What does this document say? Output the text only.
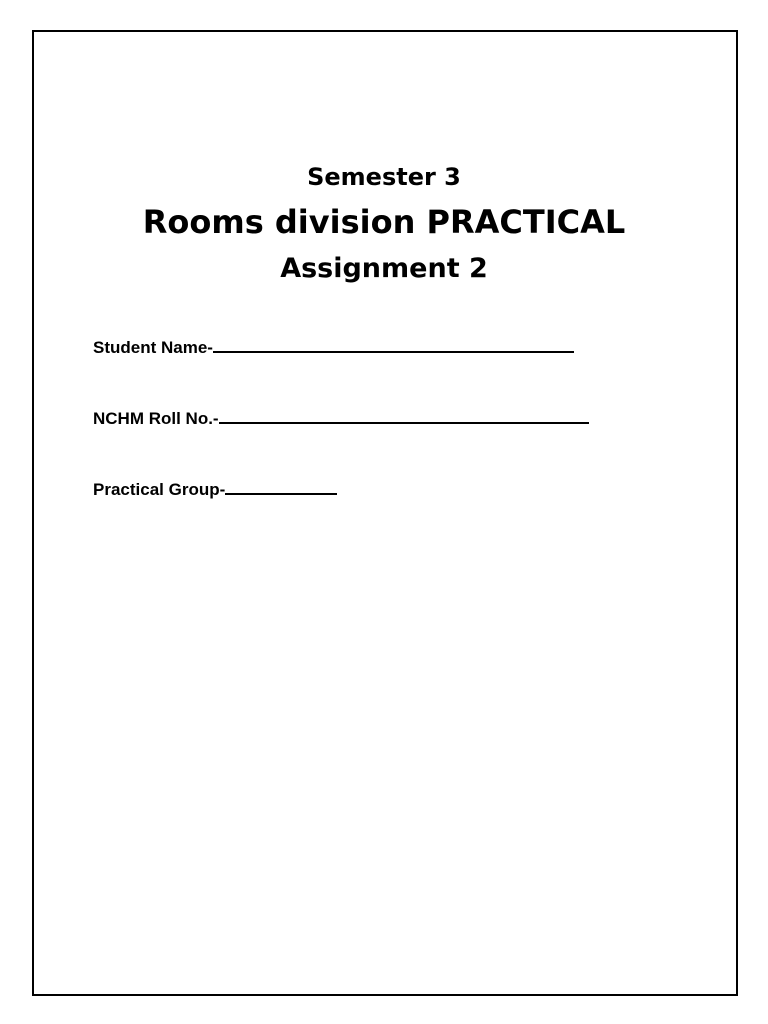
Semester 3
Rooms division PRACTICAL
Assignment 2
Student Name-
NCHM Roll No.-
Practical Group-
